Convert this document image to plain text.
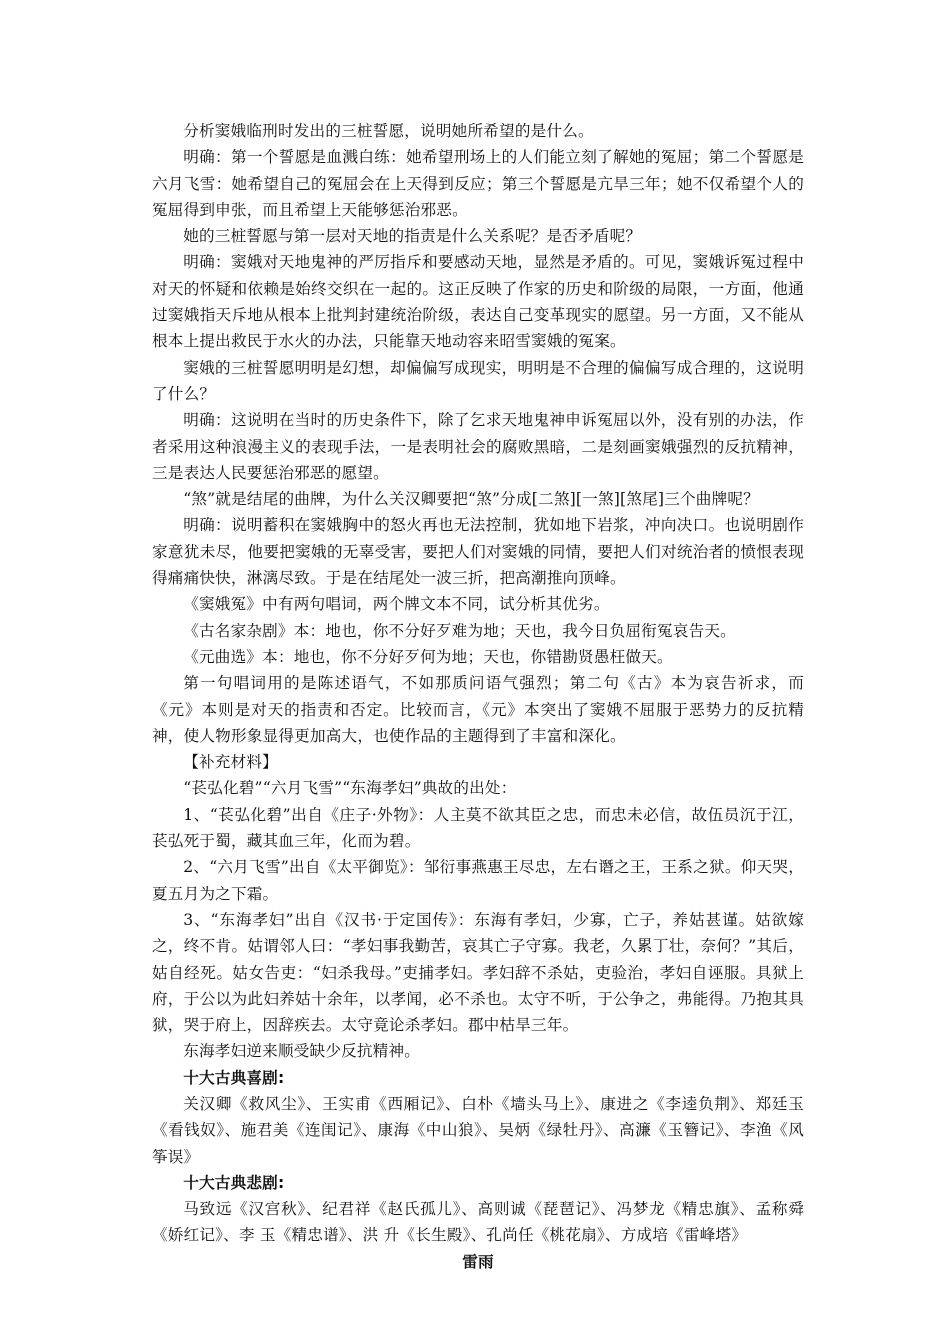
分析窦娥临刑时发出的三桩誓愿，说明她所希望的是什么。

明确：第一个誓愿是血溅白练：她希望刑场上的人们能立刻了解她的冤屈；第二个誓愿是六月飞雪：她希望自己的冤屈会在上天得到反应；第三个誓愿是亢旱三年；她不仅希望个人的冤屈得到申张，而且希望上天能够惩治邪恶。

她的三桩誓愿与第一层对天地的指责是什么关系呢？是否矛盾呢？

明确：窦娥对天地鬼神的严厉指斥和要感动天地，显然是矛盾的。可见，窦娥诉冤过程中对天的怀疑和依赖是始终交织在一起的。这正反映了作家的历史和阶级的局限，一方面，他通过窦娥指天斥地从根本上批判封建统治阶级，表达自己变革现实的愿望。另一方面，又不能从根本上提出救民于水火的办法，只能靠天地动容来昭雪窦娥的冤案。

窦娥的三桩誓愿明明是幻想，却偏偏写成现实，明明是不合理的偏偏写成合理的，这说明了什么？

明确：这说明在当时的历史条件下，除了乞求天地鬼神申诉冤屈以外，没有别的办法，作者采用这种浪漫主义的表现手法，一是表明社会的腐败黑暗，二是刻画窦娥强烈的反抗精神，三是表达人民要惩治邪恶的愿望。

“煞”就是结尾的曲牌，为什么关汉卿要把“煞”分成[二煞][一煞][煞尾]三个曲牌呢？

明确：说明蓄积在窦娥胸中的怒火再也无法控制，犹如地下岩浆，冲向决口。也说明剧作家意犹未尽，他要把窦娥的无辜受害，要把人们对窦娥的同情，要把人们对统治者的愤恨表现得痛痛快快，淋漓尽致。于是在结尾处一波三折，把高潮推向顶峰。

《窦娥冤》中有两句唱词，两个牌文本不同，试分析其优劣。

《古名家杂剧》本：地也，你不分好歹难为地；天也，我今日负屈衔冤哀告天。

《元曲选》本：地也，你不分好歹何为地；天也，你错勘贤愚枉做天。

第一句唱词用的是陈述语气，不如那质问语气强烈；第二句《古》本为哀告祈求，而《元》本则是对天的指责和否定。比较而言，《元》本突出了窦娥不屈服于恶势力的反抗精神，使人物形象显得更加高大，也使作品的主题得到了丰富和深化。

【补充材料】

“苌弘化碧”“六月飞雪”“东海孝妇”典故的出处：

1、“苌弘化碧”出自《庄子·外物》：人主莫不欲其臣之忠，而忠未必信，故伍员沉于江，苌弘死于蜀，藏其血三年，化而为碧。

2、“六月飞雪”出自《太平御览》：邹衍事燕惠王尽忠，左右谮之王，王系之狱。仰天哭，夏五月为之下霜。

3、“东海孝妇”出自《汉书·于定国传》：东海有孝妇，少寡，亡子，养姑甚谨。姑欲嫁之，终不肯。姑谓邻人曰：“孝妇事我勤苦，哀其亡子守寡。我老，久累丁壮，奈何？”其后，姑自经死。姑女告吏：“妇杀我母。”吏捕孝妇。孝妇辞不杀姑，吏验治，孝妇自诬服。具狱上府，于公以为此妇养姑十余年，以孝闻，必不杀也。太守不听，于公争之，弗能得。乃抱其具狱，哭于府上，因辞疾去。太守竟论杀孝妇。郡中枯旱三年。

东海孝妇逆来顺受缺少反抗精神。

十大古典喜剧:

关汉卿《救风尘》、王实甫《西厢记》、白朴《墙头马上》、康进之《李逵负荆》、郑廷玉《看钱奴》、施君美《连闺记》、康海《中山狼》、吴炳《绿牡丹》、高濂《玉簪记》、李渔《风筝误》

十大古典悲剧:

马致远《汉宫秋》、纪君祥《赵氏孤儿》、高则诚《琵琶记》、冯梦龙《精忠旗》、孟称舜《娇红记》、李 玉《精忠谱》、洪 升《长生殿》、孔尚任《桃花扇》、方成培《雷峰塔》

雷雨
